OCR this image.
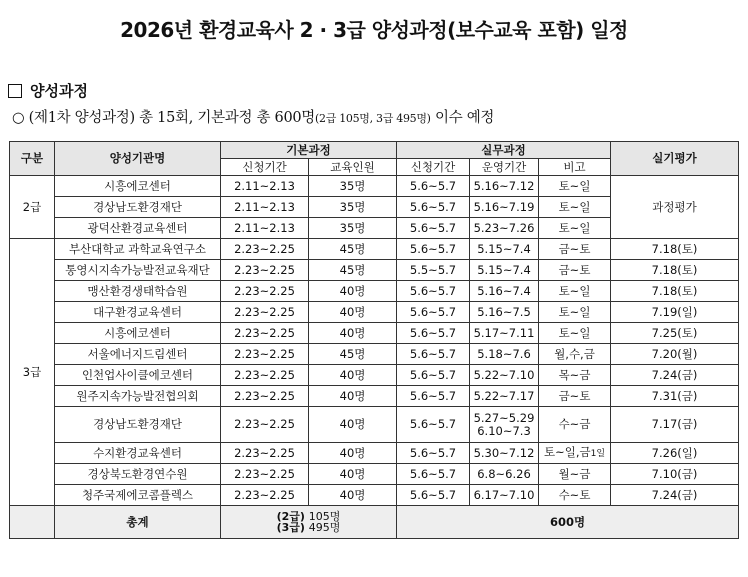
2026년 환경교육사 2 · 3급 양성과정(보수교육 포함) 일정
양성과정
○ (제1차 양성과정) 총 15회, 기본과정 총 600명(2급 105명, 3급 495명) 이수 예정
구분	양성기관명	기본과정		실무과정			실기평가
		신청기간	교육인원	신청기간	운영기간	비고	
2급	시흥에코센터	2.11~2.13	35명	5.6~5.7	5.16~7.12	토~일	과정평가
	경상남도환경재단	2.11~2.13	35명	5.6~5.7	5.16~7.19	토~일	
	광덕산환경교육센터	2.11~2.13	35명	5.6~5.7	5.23~7.26	토~일	
3급	부산대학교 과학교육연구소	2.23~2.25	45명	5.6~5.7	5.15~7.4	금~토	7.18(토)
	통영시지속가능발전교육재단	2.23~2.25	45명	5.5~5.7	5.15~7.4	금~토	7.18(토)
	맹산환경생태학습원	2.23~2.25	40명	5.6~5.7	5.16~7.4	토~일	7.18(토)
	대구환경교육센터	2.23~2.25	40명	5.6~5.7	5.16~7.5	토~일	7.19(일)
	시흥에코센터	2.23~2.25	40명	5.6~5.7	5.17~7.11	토~일	7.25(토)
	서울에너지드림센터	2.23~2.25	45명	5.6~5.7	5.18~7.6	월,수,금	7.20(월)
	인천업사이클에코센터	2.23~2.25	40명	5.6~5.7	5.22~7.10	목~금	7.24(금)
	원주지속가능발전협의회	2.23~2.25	40명	5.6~5.7	5.22~7.17	금~토	7.31(금)
	경상남도환경재단	2.23~2.25	40명	5.6~5.7	5.27~5.29
6.10~7.3	수~금	7.17(금)
	수지환경교육센터	2.23~2.25	40명	5.6~5.7	5.30~7.12	토~일,금1일	7.26(일)
	경상북도환경연수원	2.23~2.25	40명	5.6~5.7	6.8~6.26	월~금	7.10(금)
	청주국제에코콤플렉스	2.23~2.25	40명	5.6~5.7	6.17~7.10	수~토	7.24(금)
	총계	(2급) 105명
(3급) 495명		600명			
